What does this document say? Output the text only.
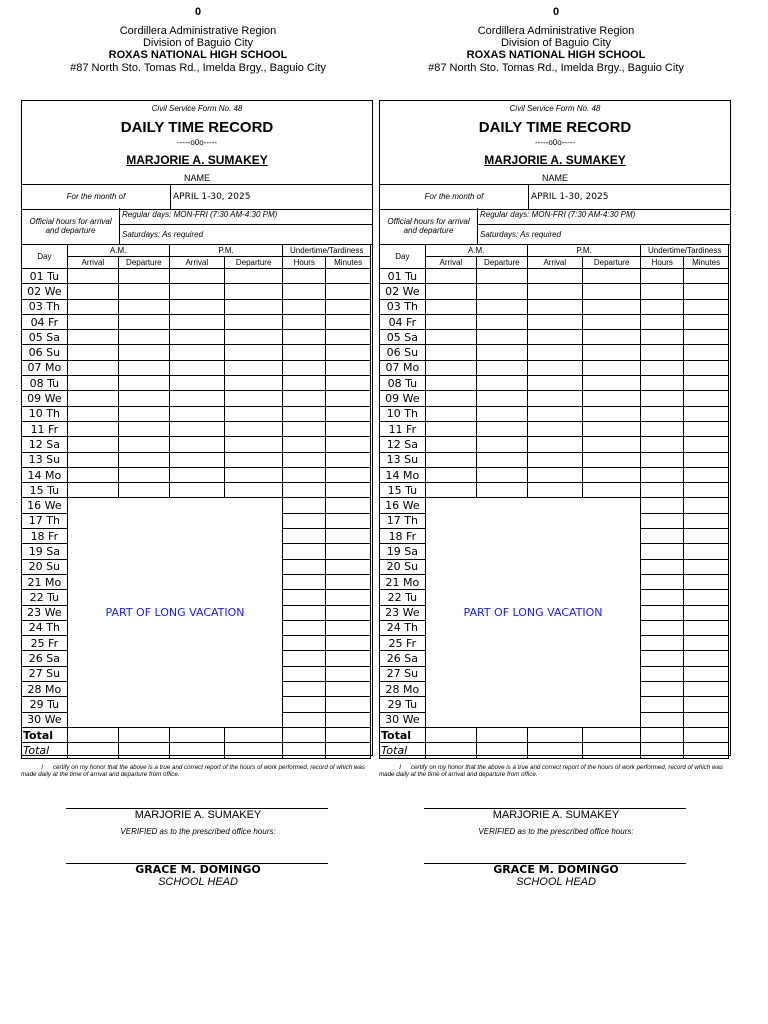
0
Cordillera Administrative Region
Division of Baguio City
ROXAS NATIONAL HIGH SCHOOL
#87 North Sto. Tomas Rd., Imelda Brgy., Baguio City
Civil Service Form No. 48
DAILY TIME RECORD
-----o0o-----
MARJORIE A. SUMAKEY
NAME
For the month of	APRIL 1-30, 2025
Official hours for arrival and departure
Regular days: MON-FRI (7:30 AM-4:30 PM)
Saturdays: As required
Day	A.M.		P.M.		Undertime/Tardiness	
	Arrival	Departure	Arrival	Departure	Hours	Minutes
01 Tu						
02 We						
03 Th						
04 Fr						
05 Sa						
06 Su						
07 Mo						
08 Tu						
09 We						
10 Th						
11 Fr						
12 Sa						
13 Su						
14 Mo						
15 Tu						
16 We	PART OF LONG VACATION					
17 Th						
18 Fr						
19 Sa						
20 Su						
21 Mo						
22 Tu						
23 We						
24 Th						
25 Fr						
26 Sa						
27 Su						
28 Mo						
29 Tu						
30 We						
Total						
Total						
I certify on my honor that the above is a true and correct report of the hours of work performed, record of which was made daily at the time of arrival and departure from office.
MARJORIE A. SUMAKEY
VERIFIED as to the prescribed office hours:
GRACE M. DOMINGO
SCHOOL HEAD
0
Cordillera Administrative Region
Division of Baguio City
ROXAS NATIONAL HIGH SCHOOL
#87 North Sto. Tomas Rd., Imelda Brgy., Baguio City
Civil Service Form No. 48
DAILY TIME RECORD
-----o0o-----
MARJORIE A. SUMAKEY
NAME
For the month of	APRIL 1-30, 2025
Official hours for arrival and departure
Regular days: MON-FRI (7:30 AM-4:30 PM)
Saturdays: As required
Day	A.M.		P.M.		Undertime/Tardiness	
	Arrival	Departure	Arrival	Departure	Hours	Minutes
01 Tu						
02 We						
03 Th						
04 Fr						
05 Sa						
06 Su						
07 Mo						
08 Tu						
09 We						
10 Th						
11 Fr						
12 Sa						
13 Su						
14 Mo						
15 Tu						
16 We	PART OF LONG VACATION					
17 Th						
18 Fr						
19 Sa						
20 Su						
21 Mo						
22 Tu						
23 We						
24 Th						
25 Fr						
26 Sa						
27 Su						
28 Mo						
29 Tu						
30 We						
Total						
Total						
I certify on my honor that the above is a true and correct report of the hours of work performed, record of which was made daily at the time of arrival and departure from office.
MARJORIE A. SUMAKEY
VERIFIED as to the prescribed office hours:
GRACE M. DOMINGO
SCHOOL HEAD
